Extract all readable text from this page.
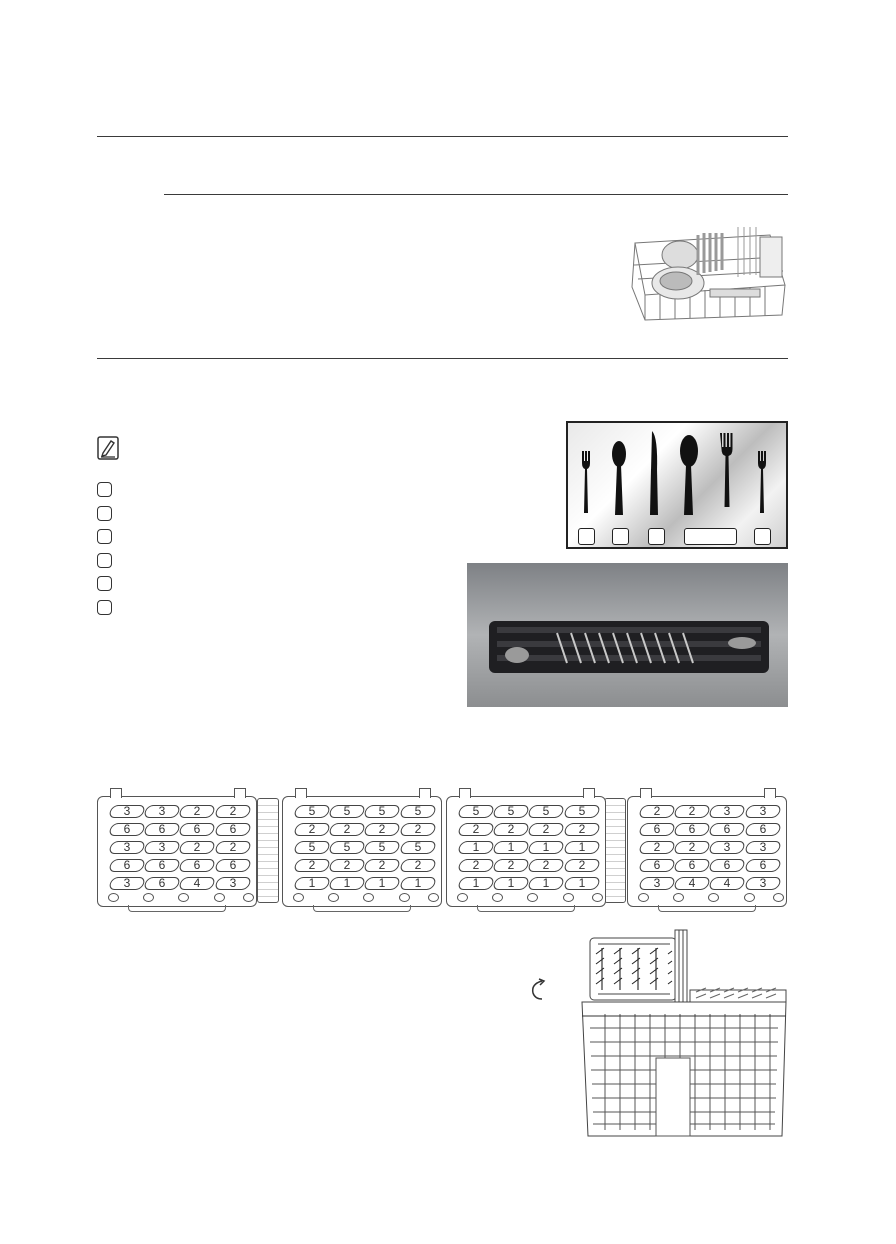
3	3	2	2
6	6	6	6
3	3	2	2
6	6	6	6
3	6	4	3
5	5	5	5
2	2	2	2
5	5	5	5
2	2	2	2
1	1	1	1
5	5	5	5
2	2	2	2
1	1	1	1
2	2	2	2
1	1	1	1
2	2	3	3
6	6	6	6
2	2	3	3
6	6	6	6
3	4	4	3
